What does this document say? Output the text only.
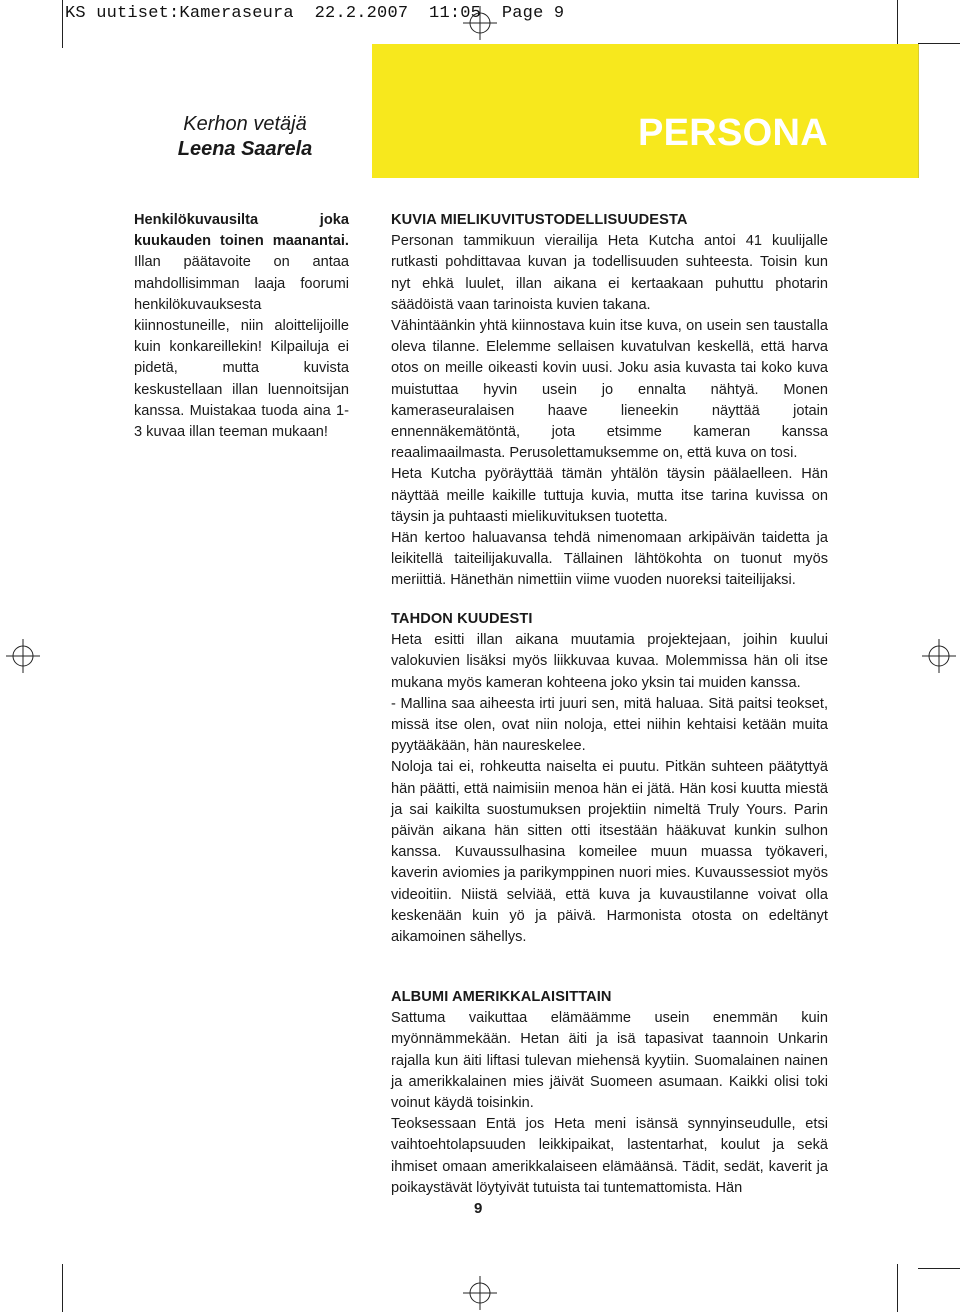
KS uutiset:Kameraseura  22.2.2007  11:05  Page 9
PERSONA
Kerhon vetäjä
Leena Saarela
Henkilökuvausilta joka kuukauden toinen maanantai. Illan päätavoite on antaa mahdollisimman laaja foorumi henkilökuvauksesta kiinnostuneille, niin aloittelijoille kuin konkareillekin! Kilpailuja ei pidetä, mutta kuvista keskustellaan illan luennoitsijan kanssa. Muistakaa tuoda aina 1-3 kuvaa illan teeman mukaan!
KUVIA MIELIKUVITUSTODELLISUUDESTA

Personan tammikuun vierailija Heta Kutcha antoi 41 kuulijalle rutkasti pohdittavaa kuvan ja todellisuuden suhteesta. Toisin kun nyt ehkä luulet, illan aikana ei kertaakaan puhuttu photarin säädöistä vaan tarinoista kuvien takana.

Vähintäänkin yhtä kiinnostava kuin itse kuva, on usein sen taustalla oleva tilanne. Elelemme sellaisen kuvatulvan keskellä, että harva otos on meille oikeasti kovin uusi. Joku asia kuvasta tai koko kuva muistuttaa hyvin usein jo ennalta nähtyä. Monen kameraseuralaisen haave lieneekin näyttää jotain ennennäkemätöntä, jota etsimme kameran kanssa reaalimaailmasta. Perusolettamuksemme on, että kuva on tosi.

Heta Kutcha pyöräyttää tämän yhtälön täysin päälaelleen. Hän näyttää meille kaikille tuttuja kuvia, mutta itse tarina kuvissa on täysin ja puhtaasti mielikuvituksen tuotetta.

Hän kertoo haluavansa tehdä nimenomaan arkipäivän taidetta ja leikitellä taiteilijakuvalla. Tällainen lähtökohta on tuonut myös meriittiä. Hänethän nimettiin viime vuoden nuoreksi taiteilijaksi.

TAHDON KUUDESTI

Heta esitti illan aikana muutamia projektejaan, joihin kuului valokuvien lisäksi myös liikkuvaa kuvaa. Molemmissa hän oli itse mukana myös kameran kohteena joko yksin tai muiden kanssa.

- Mallina saa aiheesta irti juuri sen, mitä haluaa. Sitä paitsi teokset, missä itse olen, ovat niin noloja, ettei niihin kehtaisi ketään muita pyytääkään, hän naureskelee.

Noloja tai ei, rohkeutta naiselta ei puutu. Pitkän suhteen päätyttyä hän päätti, että naimisiin menoa hän ei jätä. Hän kosi kuutta miestä ja sai kaikilta suostumuksen projektiin nimeltä Truly Yours. Parin päivän aikana hän sitten otti itsestään hääkuvat kunkin sulhon kanssa. Kuvaussulhasina komeilee muun muassa työkaveri, kaverin aviomies ja parikymppinen nuori mies. Kuvaussessiot myös videoitiin. Niistä selviää, että kuva ja kuvaustilanne voivat olla keskenään kuin yö ja päivä. Harmonista otosta on edeltänyt aikamoinen sähellys.

ALBUMI AMERIKKALAISITTAIN

Sattuma vaikuttaa elämäämme usein enemmän kuin myönnämmekään. Hetan äiti ja isä tapasivat taannoin Unkarin rajalla kun äiti liftasi tulevan miehensä kyytiin. Suomalainen nainen ja amerikkalainen mies jäivät Suomeen asumaan. Kaikki olisi toki voinut käydä toisinkin.

Teoksessaan Entä jos Heta meni isänsä synnyinseudulle, etsi vaihtoehtolapsuuden leikkipaikat, lastentarhat, koulut ja sekä ihmiset omaan amerikkalaiseen elämäänsä. Tädit, sedät, kaverit ja poikaystävät löytyivät tutuista tai tuntemattomista. Hän

9
